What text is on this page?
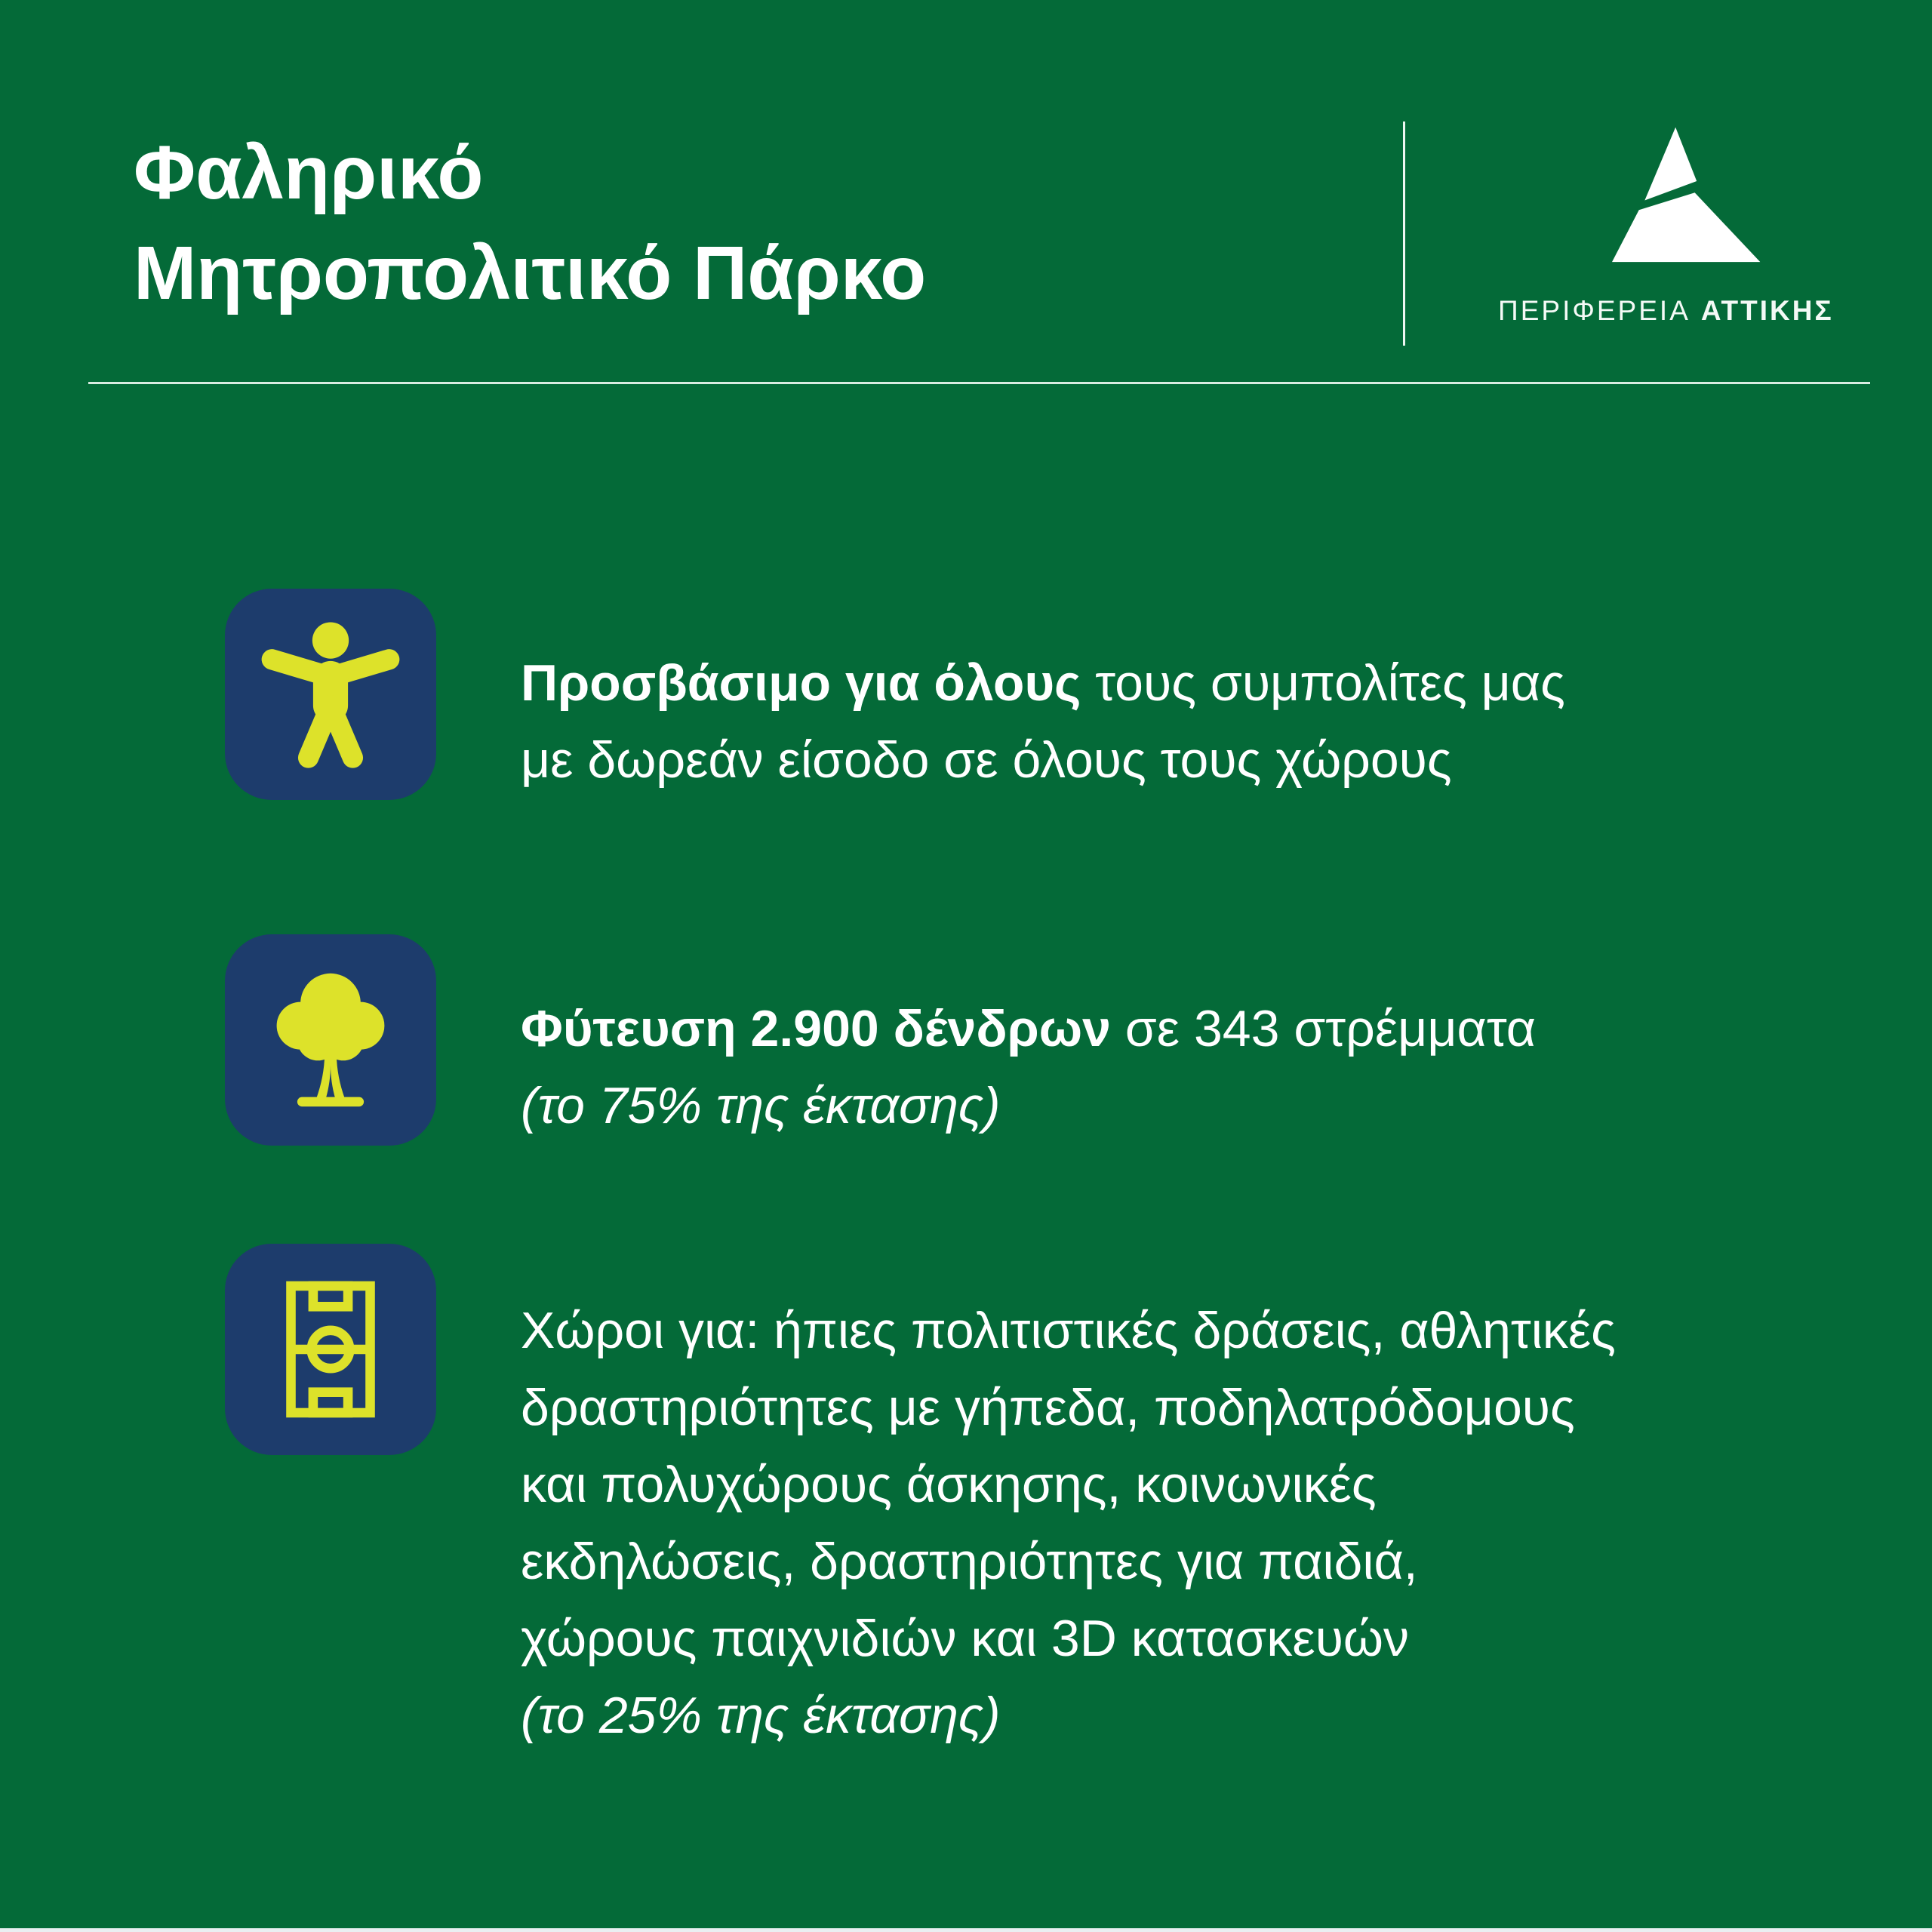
Φαληρικό
Μητροπολιτικό Πάρκο	ΠΕΡΙΦΕΡΕΙΑ ΑΤΤΙΚΗΣ
Προσβάσιμο για όλους τους συμπολίτες μας
με δωρεάν είσοδο σε όλους τους χώρους
Φύτευση 2.900 δένδρων σε 343 στρέμματα
(το 75% της έκτασης)
Χώροι για: ήπιες πολιτιστικές δράσεις, αθλητικές
δραστηριότητες με γήπεδα, ποδηλατρόδομους
και πολυχώρους άσκησης, κοινωνικές
εκδηλώσεις, δραστηριότητες για παιδιά,
χώρους παιχνιδιών και 3D κατασκευών
(το 25% της έκτασης)
